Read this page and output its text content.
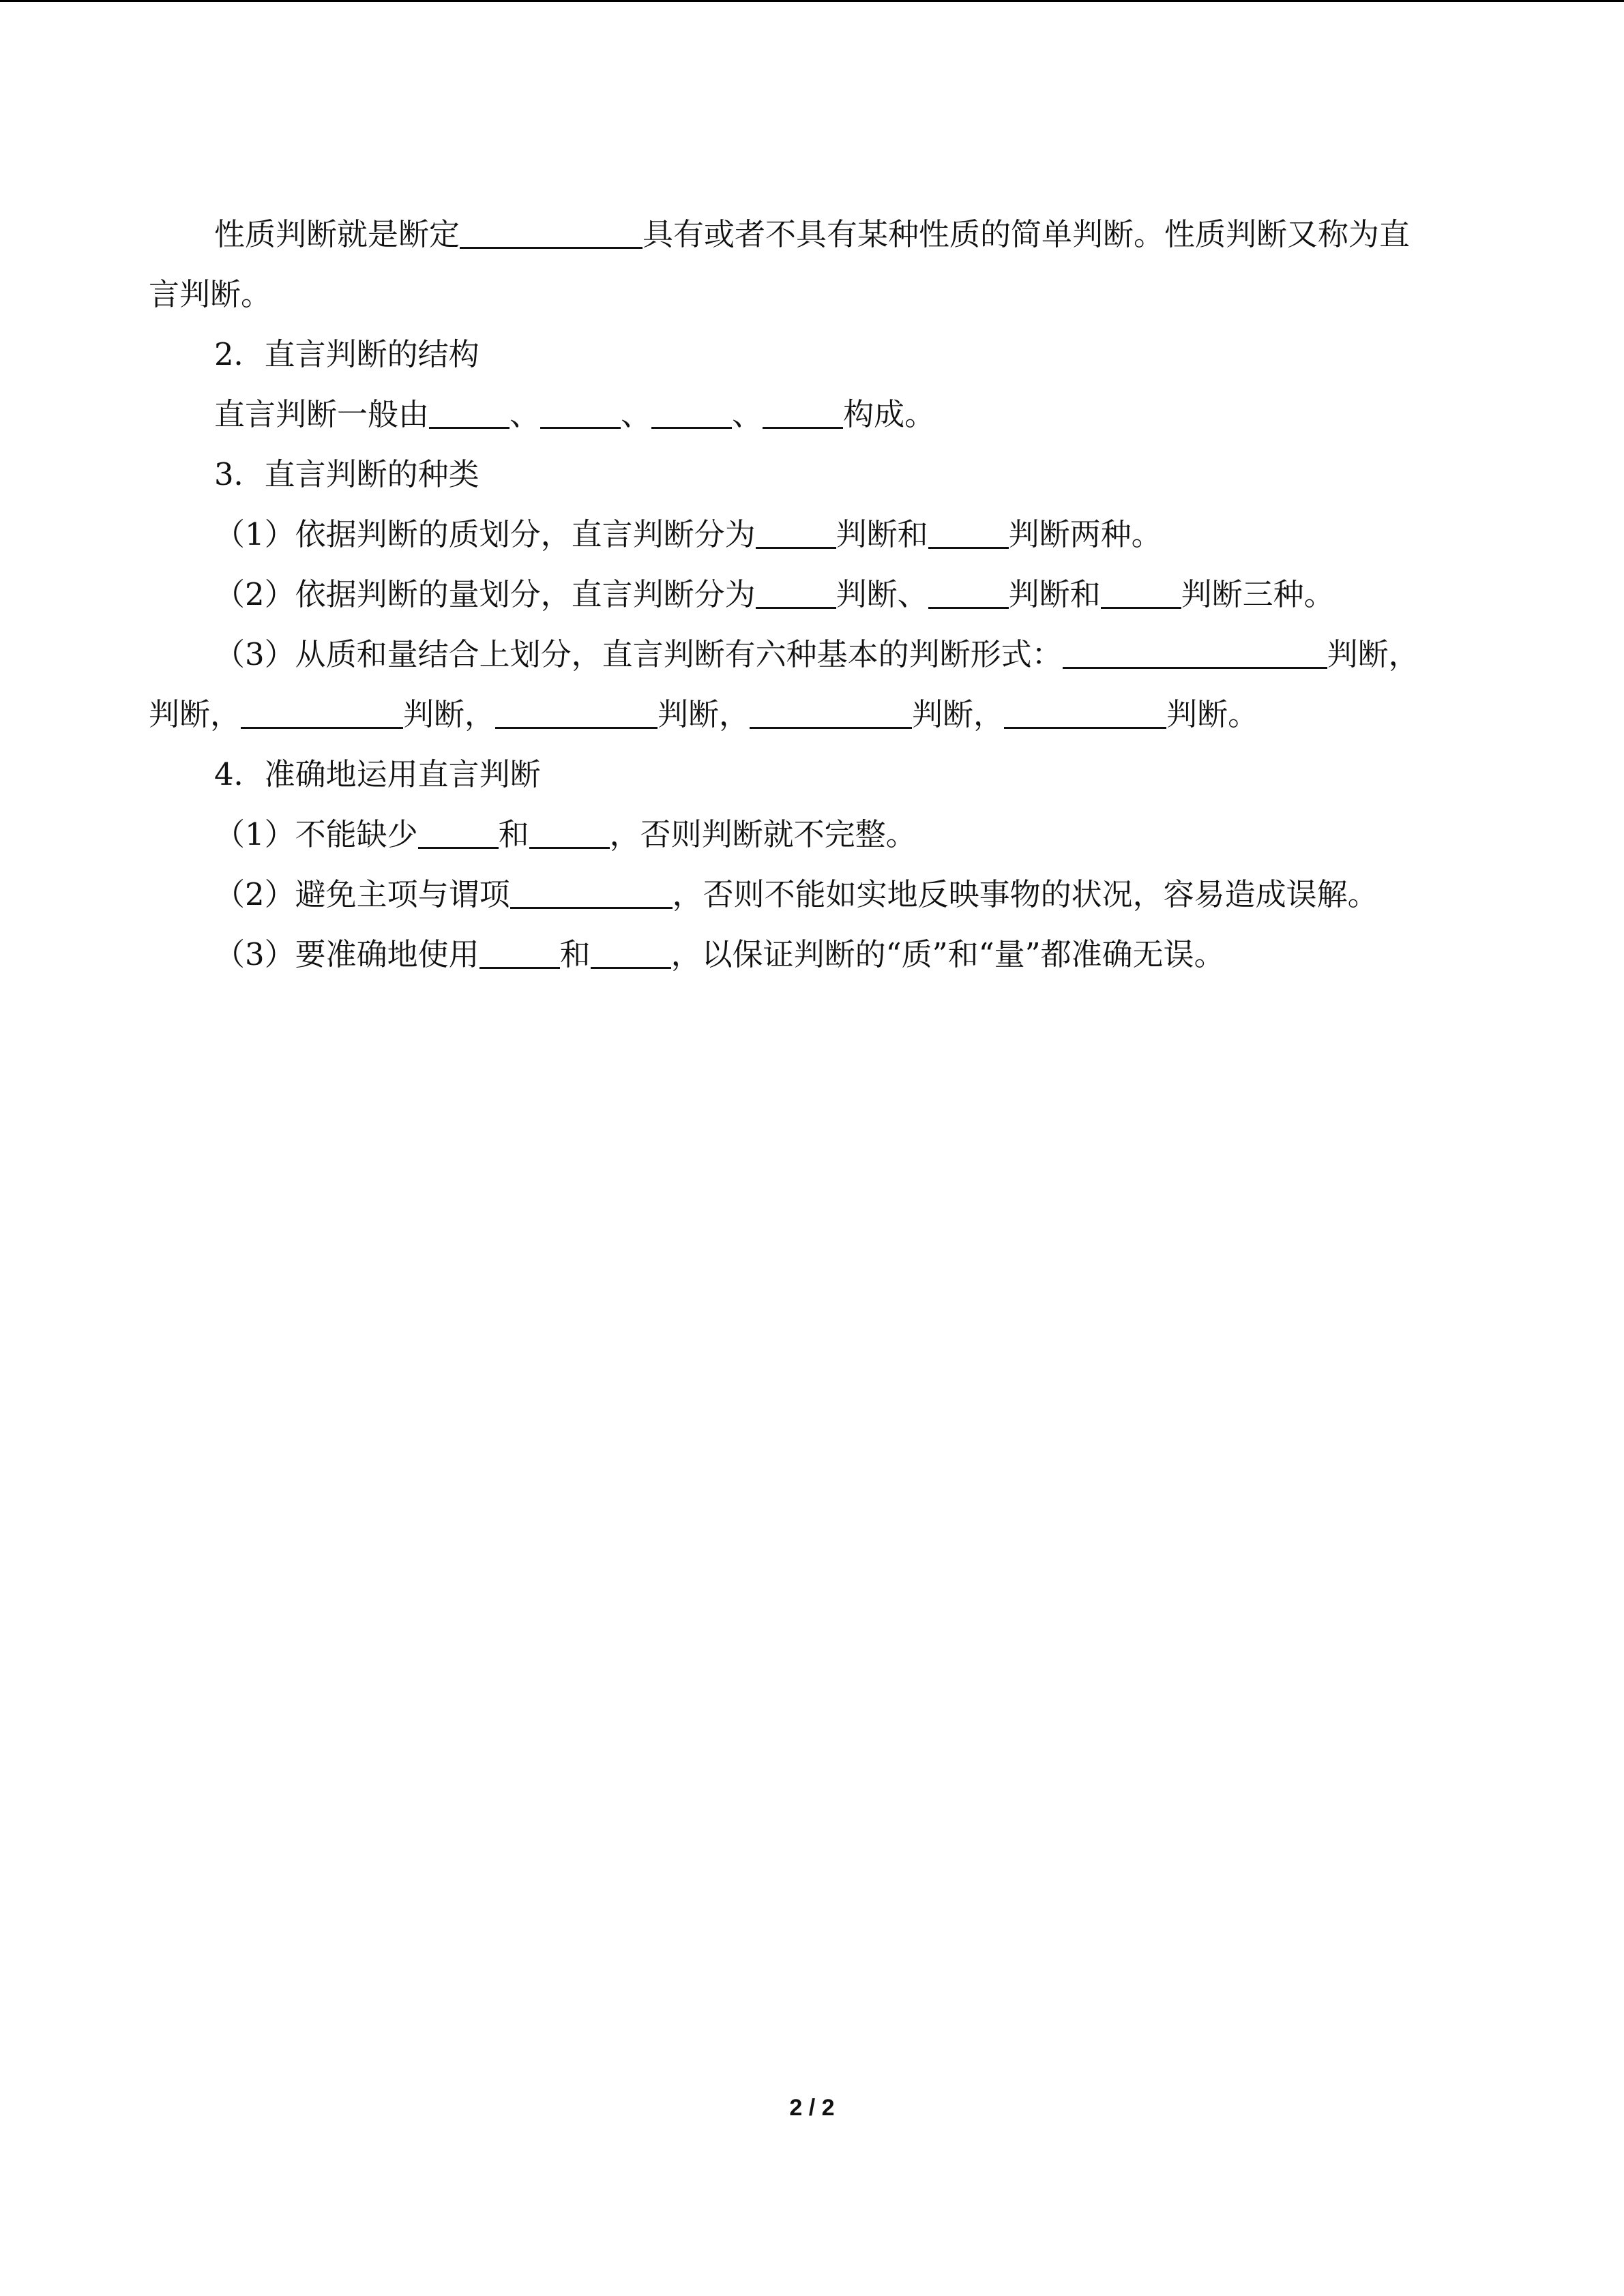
性质判断就是断定	具有或者不具有某种性质的简单判断。性质判断又称为直
言判断。
2．直言判断的结构
直言判断一般由	、	、	、	构成。
3．直言判断的种类
（1）依据判断的质划分，直言判断分为	判断和	判断两种。
（2）依据判断的量划分，直言判断分为	判断、	判断和	判断三种。
（3）从质和量结合上划分，直言判断有六种基本的判断形式：	判断，
判断，	判断，	判断，	判断，	判断。
4．准确地运用直言判断
（1）不能缺少	和	，否则判断就不完整。
（2）避免主项与谓项	，否则不能如实地反映事物的状况，容易造成误解。
（3）要准确地使用	和	，以保证判断的“质”和“量”都准确无误。
2 / 2
